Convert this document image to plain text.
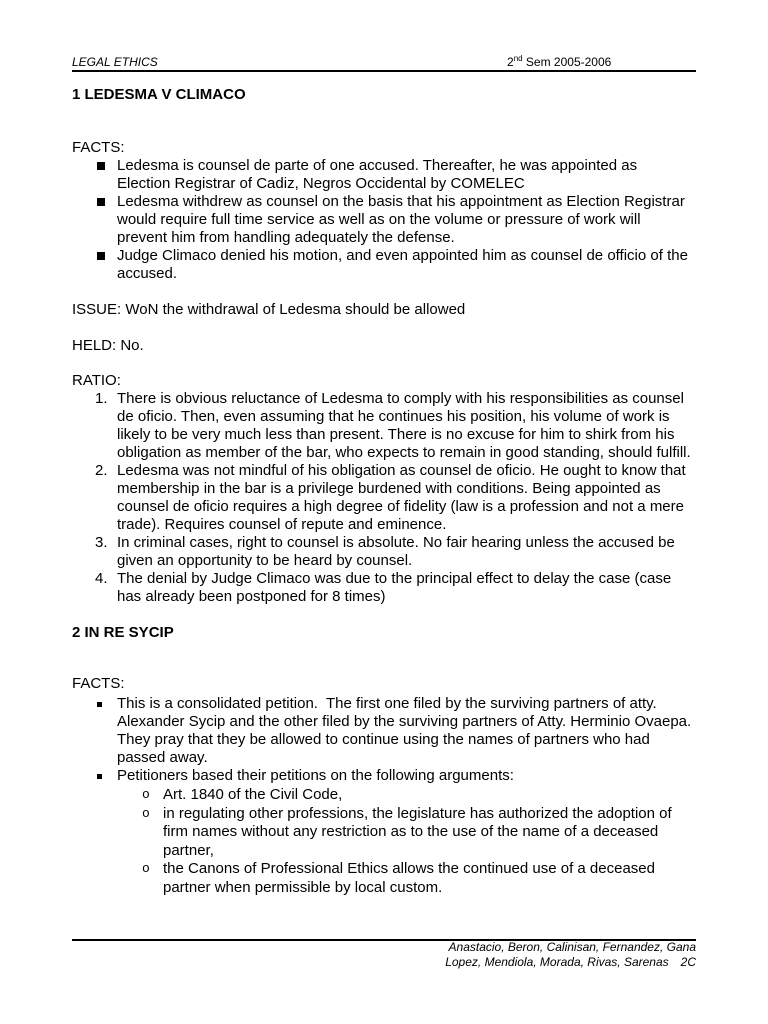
LEGAL ETHICS	2nd Sem 2005-2006
1 LEDESMA V CLIMACO
FACTS:
Ledesma is counsel de parte of one accused. Thereafter, he was appointed as
Election Registrar of Cadiz, Negros Occidental by COMELEC
Ledesma withdrew as counsel on the basis that his appointment as Election Registrar
would require full time service as well as on the volume or pressure of work will
prevent him from handling adequately the defense.
Judge Climaco denied his motion, and even appointed him as counsel de officio of the
accused.
ISSUE: WoN the withdrawal of Ledesma should be allowed
HELD: No.
RATIO:
1. There is obvious reluctance of Ledesma to comply with his responsibilities as counsel
de oficio. Then, even assuming that he continues his position, his volume of work is
likely to be very much less than present. There is no excuse for him to shirk from his
obligation as member of the bar, who expects to remain in good standing, should fulfill.
2. Ledesma was not mindful of his obligation as counsel de oficio. He ought to know that
membership in the bar is a privilege burdened with conditions. Being appointed as
counsel de oficio requires a high degree of fidelity (law is a profession and not a mere
trade). Requires counsel of repute and eminence.
3. In criminal cases, right to counsel is absolute. No fair hearing unless the accused be
given an opportunity to be heard by counsel.
4. The denial by Judge Climaco was due to the principal effect to delay the case (case
has already been postponed for 8 times)
2 IN RE SYCIP
FACTS:
This is a consolidated petition.  The first one filed by the surviving partners of atty.
Alexander Sycip and the other filed by the surviving partners of Atty. Herminio Ovaepa.
They pray that they be allowed to continue using the names of partners who had
passed away.
Petitioners based their petitions on the following arguments:
o Art. 1840 of the Civil Code,
o in regulating other professions, the legislature has authorized the adoption of
firm names without any restriction as to the use of the name of a deceased
partner,
o the Canons of Professional Ethics allows the continued use of a deceased
partner when permissible by local custom.
Anastacio, Beron, Calinisan, Fernandez, Gana
Lopez, Mendiola, Morada, Rivas, Sarenas 2C
